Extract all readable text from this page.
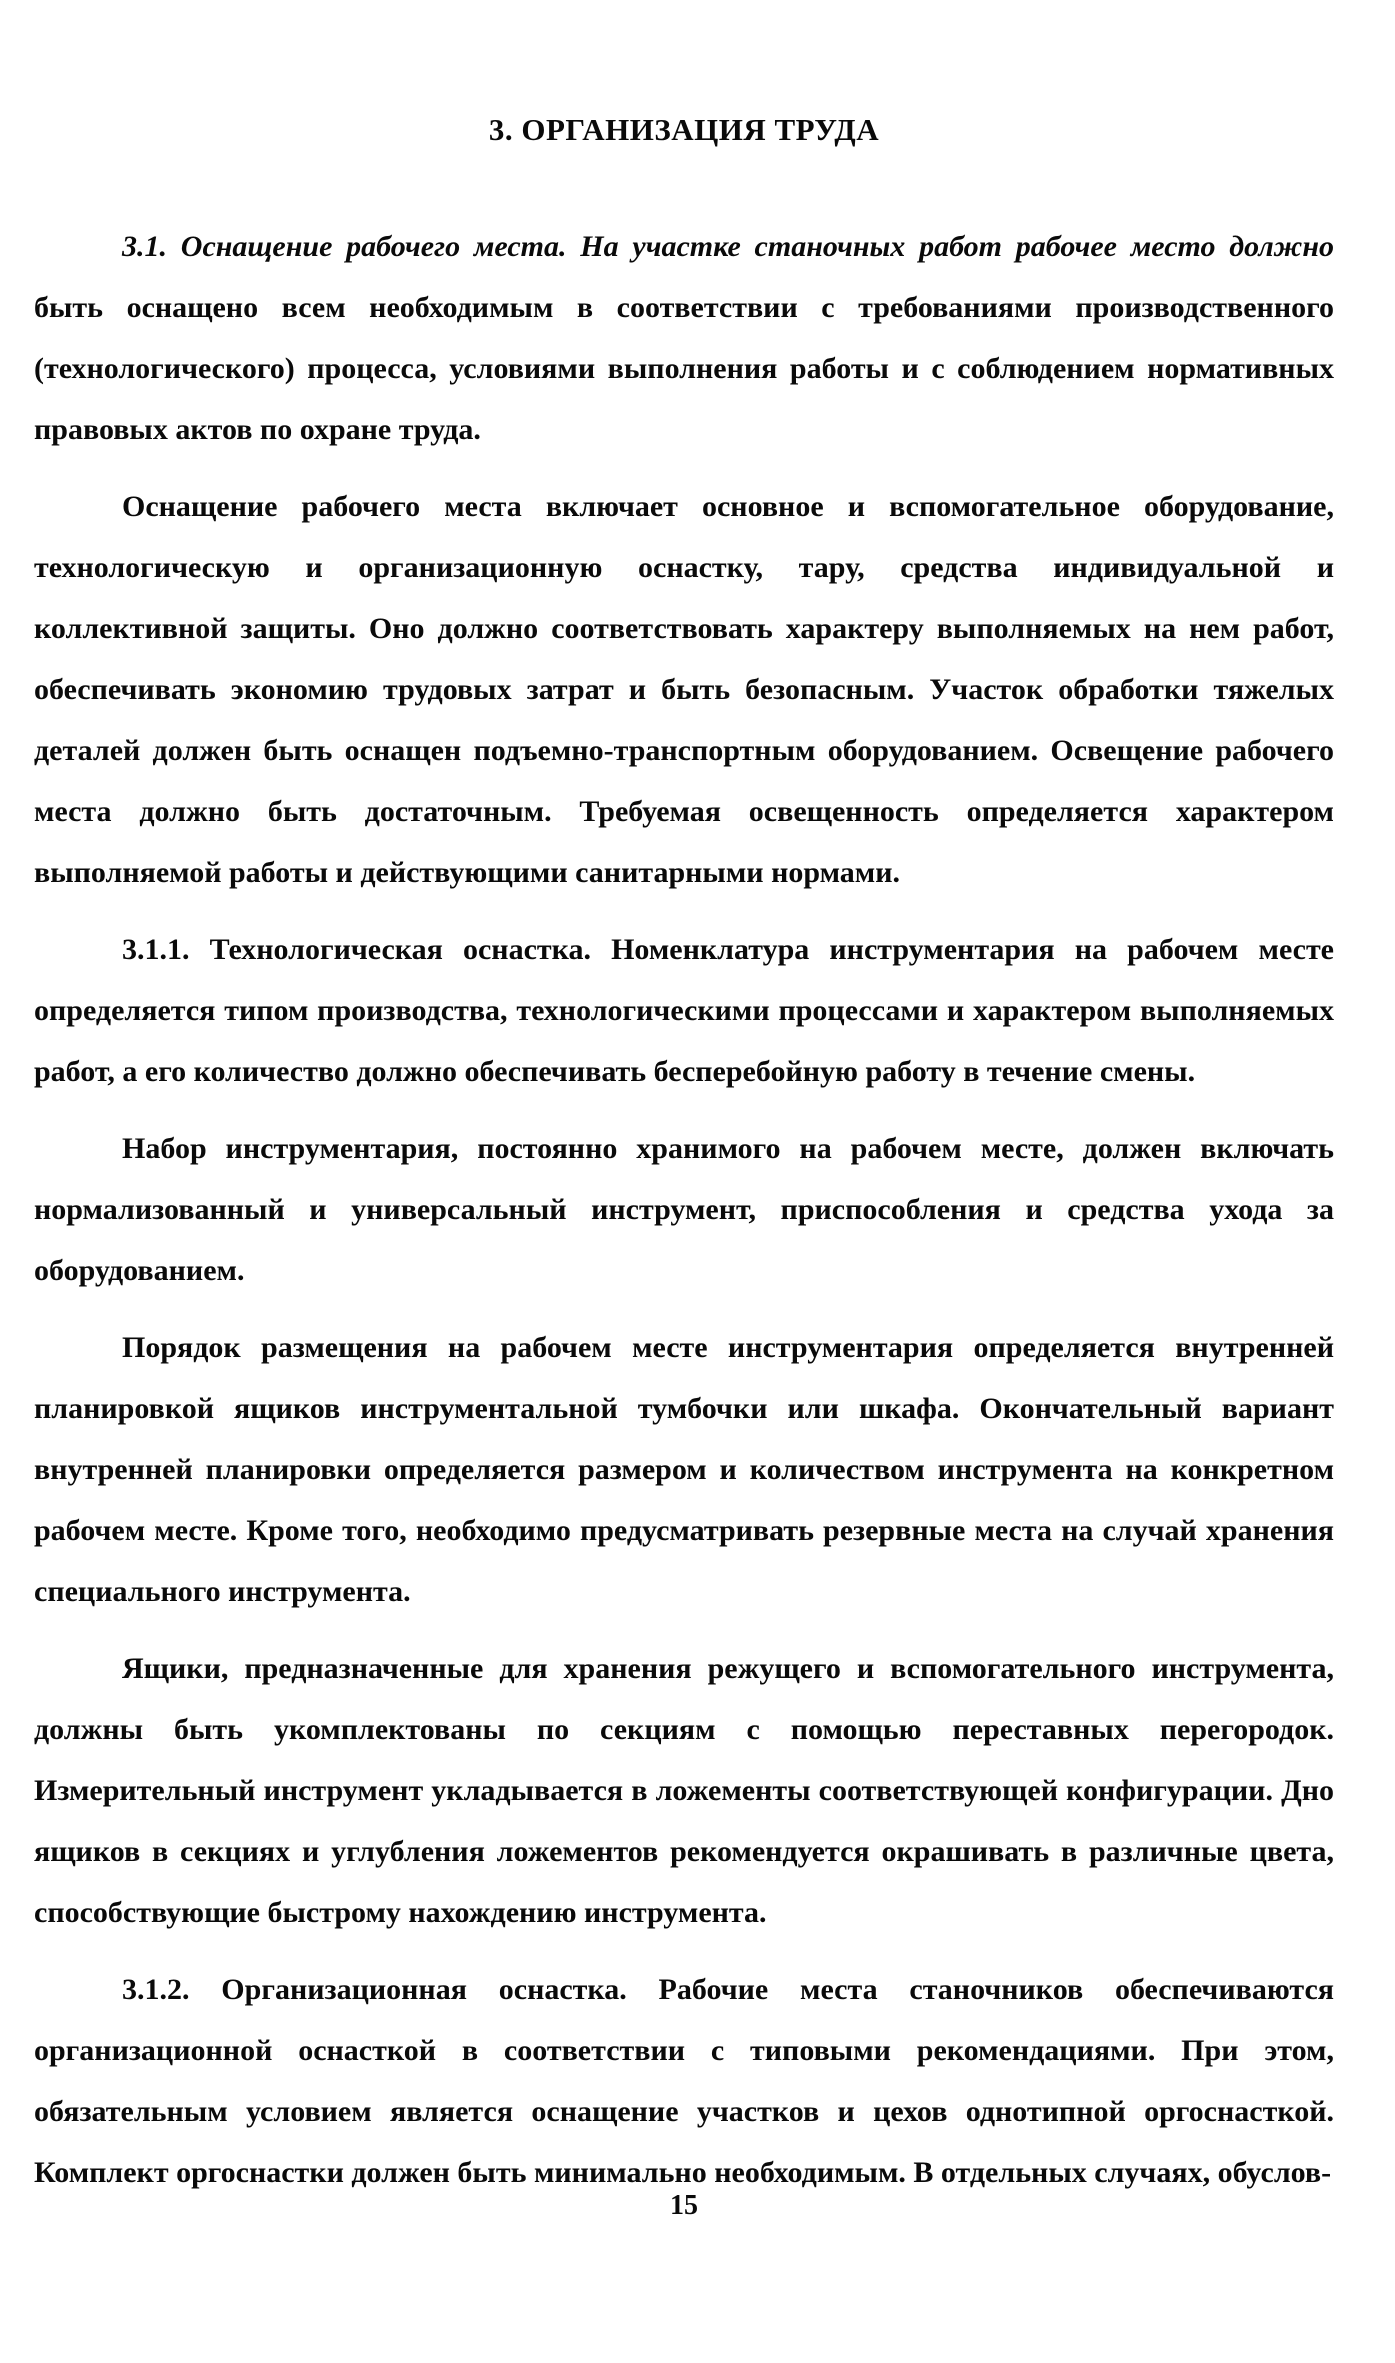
3. ОРГАНИЗАЦИЯ ТРУДА

3.1. Оснащение рабочего места. На участке станочных работ рабочее место должно быть оснащено всем необходимым в соответствии с требованиями производственного (технологического) процесса, условиями выполнения работы и с соблюдением нормативных правовых актов по охране труда.

Оснащение рабочего места включает основное и вспомогательное оборудование, технологическую и организационную оснастку, тару, средства индивидуальной и коллективной защиты. Оно должно соответствовать характеру выполняемых на нем работ, обеспечивать экономию трудовых затрат и быть безопасным. Участок обработки тяжелых деталей должен быть оснащен подъемно-транспортным оборудованием. Освещение рабочего места должно быть достаточным. Требуемая освещенность определяется характером выполняемой работы и действующими санитарными нормами.

3.1.1. Технологическая оснастка. Номенклатура инструментария на рабочем месте определяется типом производства, технологическими процессами и характером выполняемых работ, а его количество должно обеспечивать бесперебойную работу в течение смены.

Набор инструментария, постоянно хранимого на рабочем месте, должен включать нормализованный и универсальный инструмент, приспособления и средства ухода за оборудованием.

Порядок размещения на рабочем месте инструментария определяется внутренней планировкой ящиков инструментальной тумбочки или шкафа. Окончательный вариант внутренней планировки определяется размером и количеством инструмента на конкретном рабочем месте. Кроме того, необходимо предусматривать резервные места на случай хранения специального инструмента.

Ящики, предназначенные для хранения режущего и вспомогательного инструмента, должны быть укомплектованы по секциям с помощью переставных перегородок. Измерительный инструмент укладывается в ложементы соответствующей конфигурации. Дно ящиков в секциях и углубления ложементов рекомендуется окрашивать в различные цвета, способствующие быстрому нахождению инструмента.

3.1.2. Организационная оснастка. Рабочие места станочников обеспечиваются организационной оснасткой в соответствии с типовыми рекомендациями. При этом, обязательным условием является оснащение участков и цехов однотипной оргоснасткой. Комплект оргоснастки должен быть минимально необходимым. В отдельных случаях, обуслов-

15
